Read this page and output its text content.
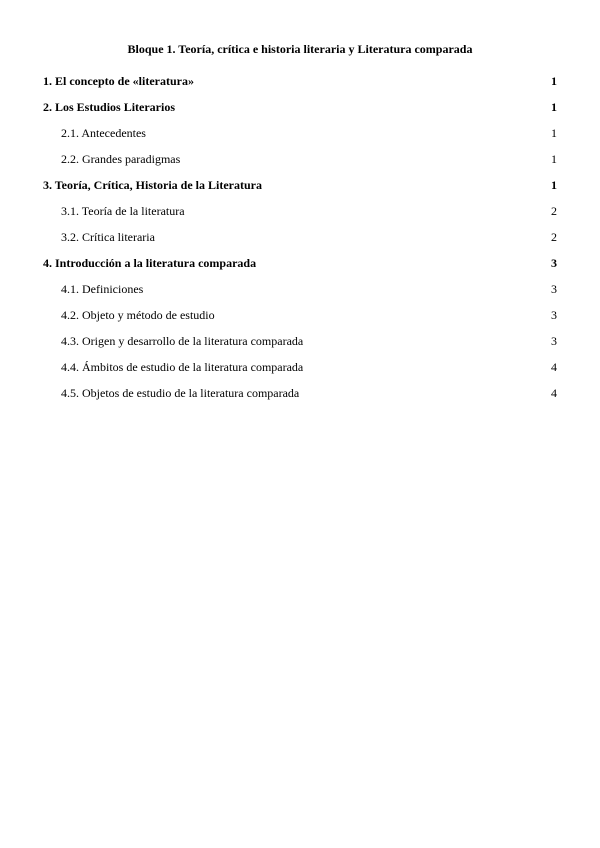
Bloque 1. Teoría, crítica e historia literaria y Literatura comparada
1. El concepto de «literatura»	1
2. Los Estudios Literarios	1
2.1. Antecedentes	1
2.2. Grandes paradigmas	1
3. Teoría, Crítica, Historia de la Literatura	1
3.1. Teoría de la literatura	2
3.2. Crítica literaria	2
4. Introducción a la literatura comparada	3
4.1. Definiciones	3
4.2. Objeto y método de estudio	3
4.3. Origen y desarrollo de la literatura comparada	3
4.4. Ámbitos de estudio de la literatura comparada	4
4.5. Objetos de estudio de la literatura comparada	4
